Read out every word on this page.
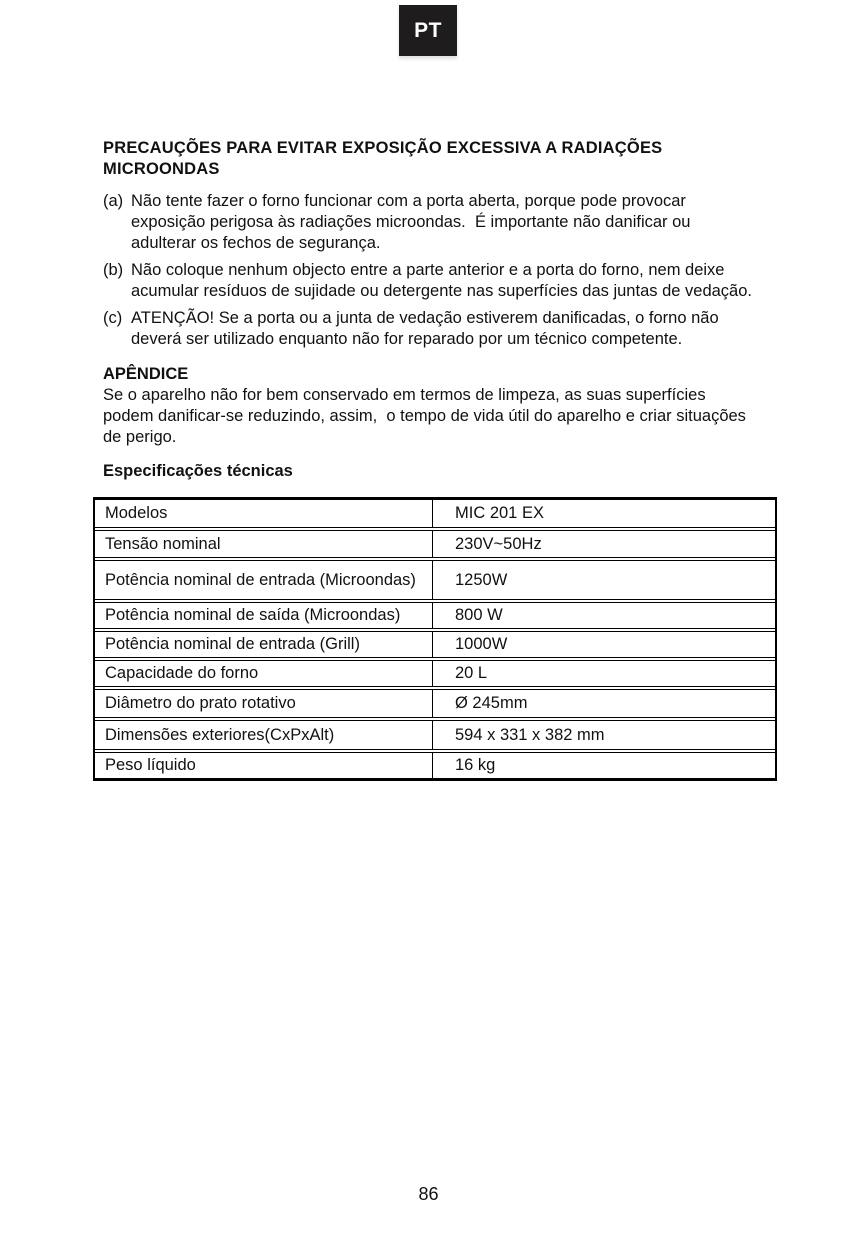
PT
PRECAUÇÕES PARA EVITAR EXPOSIÇÃO EXCESSIVA A RADIAÇÕES MICROONDAS
(a) Não tente fazer o forno funcionar com a porta aberta, porque pode provocar exposição perigosa às radiações microondas.  É importante não danificar ou adulterar os fechos de segurança.
(b) Não coloque nenhum objecto entre a parte anterior e a porta do forno, nem deixe acumular resíduos de sujidade ou detergente nas superfícies das juntas de vedação.
(c) ATENÇÃO! Se a porta ou a junta de vedação estiverem danificadas, o forno não deverá ser utilizado enquanto não for reparado por um técnico competente.
APÊNDICE
Se o aparelho não for bem conservado em termos de limpeza, as suas superfícies podem danificar-se reduzindo, assim,  o tempo de vida útil do aparelho e criar situações de perigo.
Especificações técnicas
Modelos	MIC 201 EX
Tensão nominal	230V~50Hz
Potência nominal de entrada (Microondas)	1250W
Potência nominal de saída (Microondas)	800 W
Potência nominal de entrada (Grill)	1000W
Capacidade do forno	20 L
Diâmetro do prato rotativo	Ø 245mm
Dimensões exteriores(CxPxAlt)	594 x 331 x 382 mm
Peso líquido	16 kg
86
